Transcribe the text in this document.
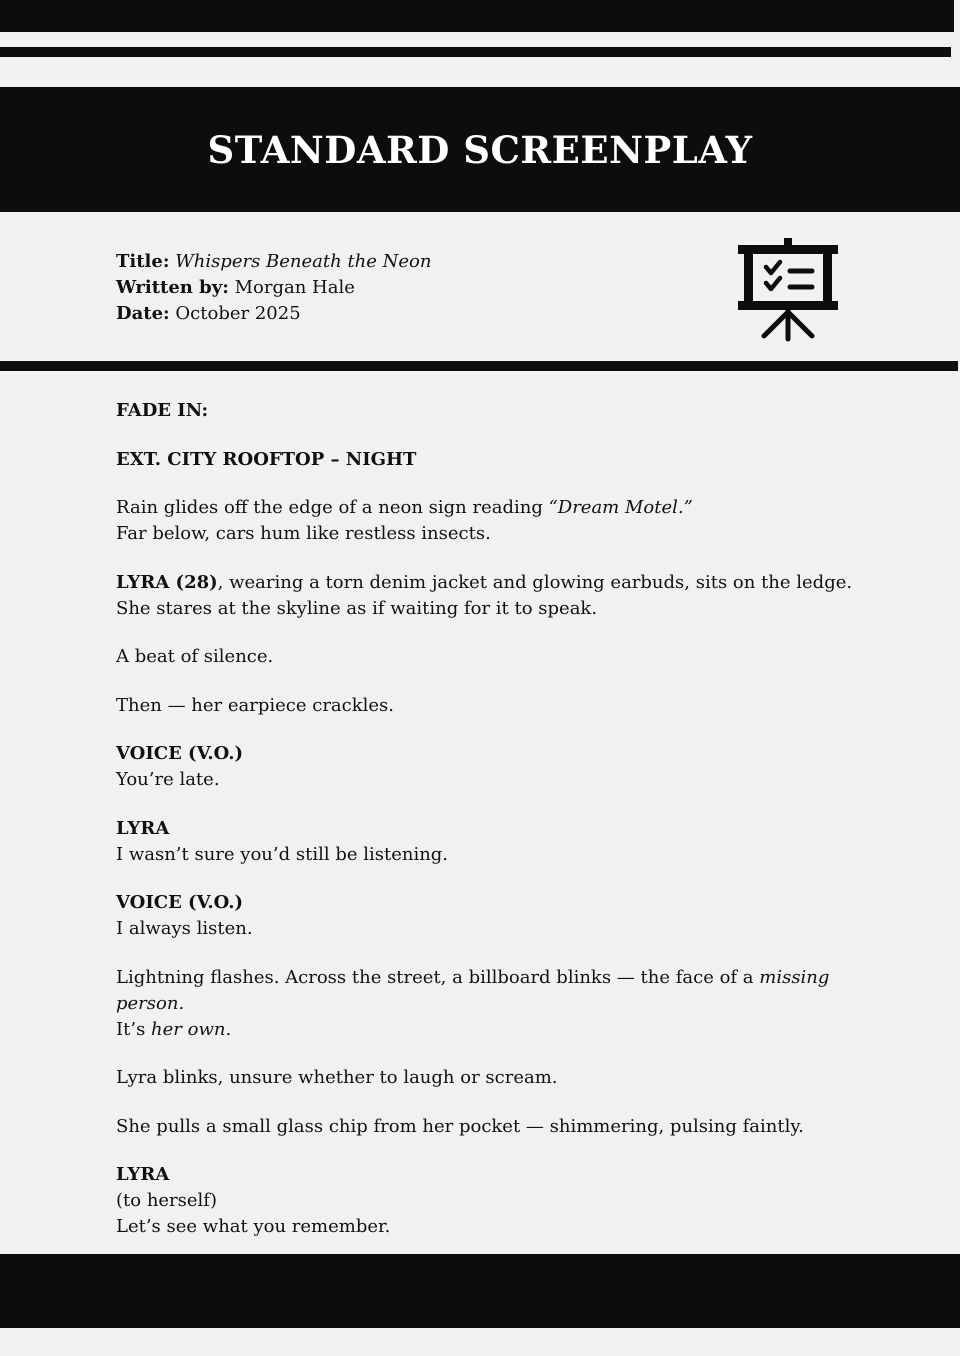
STANDARD SCREENPLAY
Title: Whispers Beneath the Neon
Written by: Morgan Hale
Date: October 2025

FADE IN:

EXT. CITY ROOFTOP – NIGHT

Rain glides off the edge of a neon sign reading “Dream Motel.”
Far below, cars hum like restless insects.

LYRA (28), wearing a torn denim jacket and glowing earbuds, sits on the ledge. She stares at the skyline as if waiting for it to speak.

A beat of silence.

Then — her earpiece crackles.

VOICE (V.O.)
You’re late.

LYRA
I wasn’t sure you’d still be listening.

VOICE (V.O.)
I always listen.

Lightning flashes. Across the street, a billboard blinks — the face of a missing person.
It’s her own.

Lyra blinks, unsure whether to laugh or scream.

She pulls a small glass chip from her pocket — shimmering, pulsing faintly.

LYRA
(to herself)
Let’s see what you remember.
